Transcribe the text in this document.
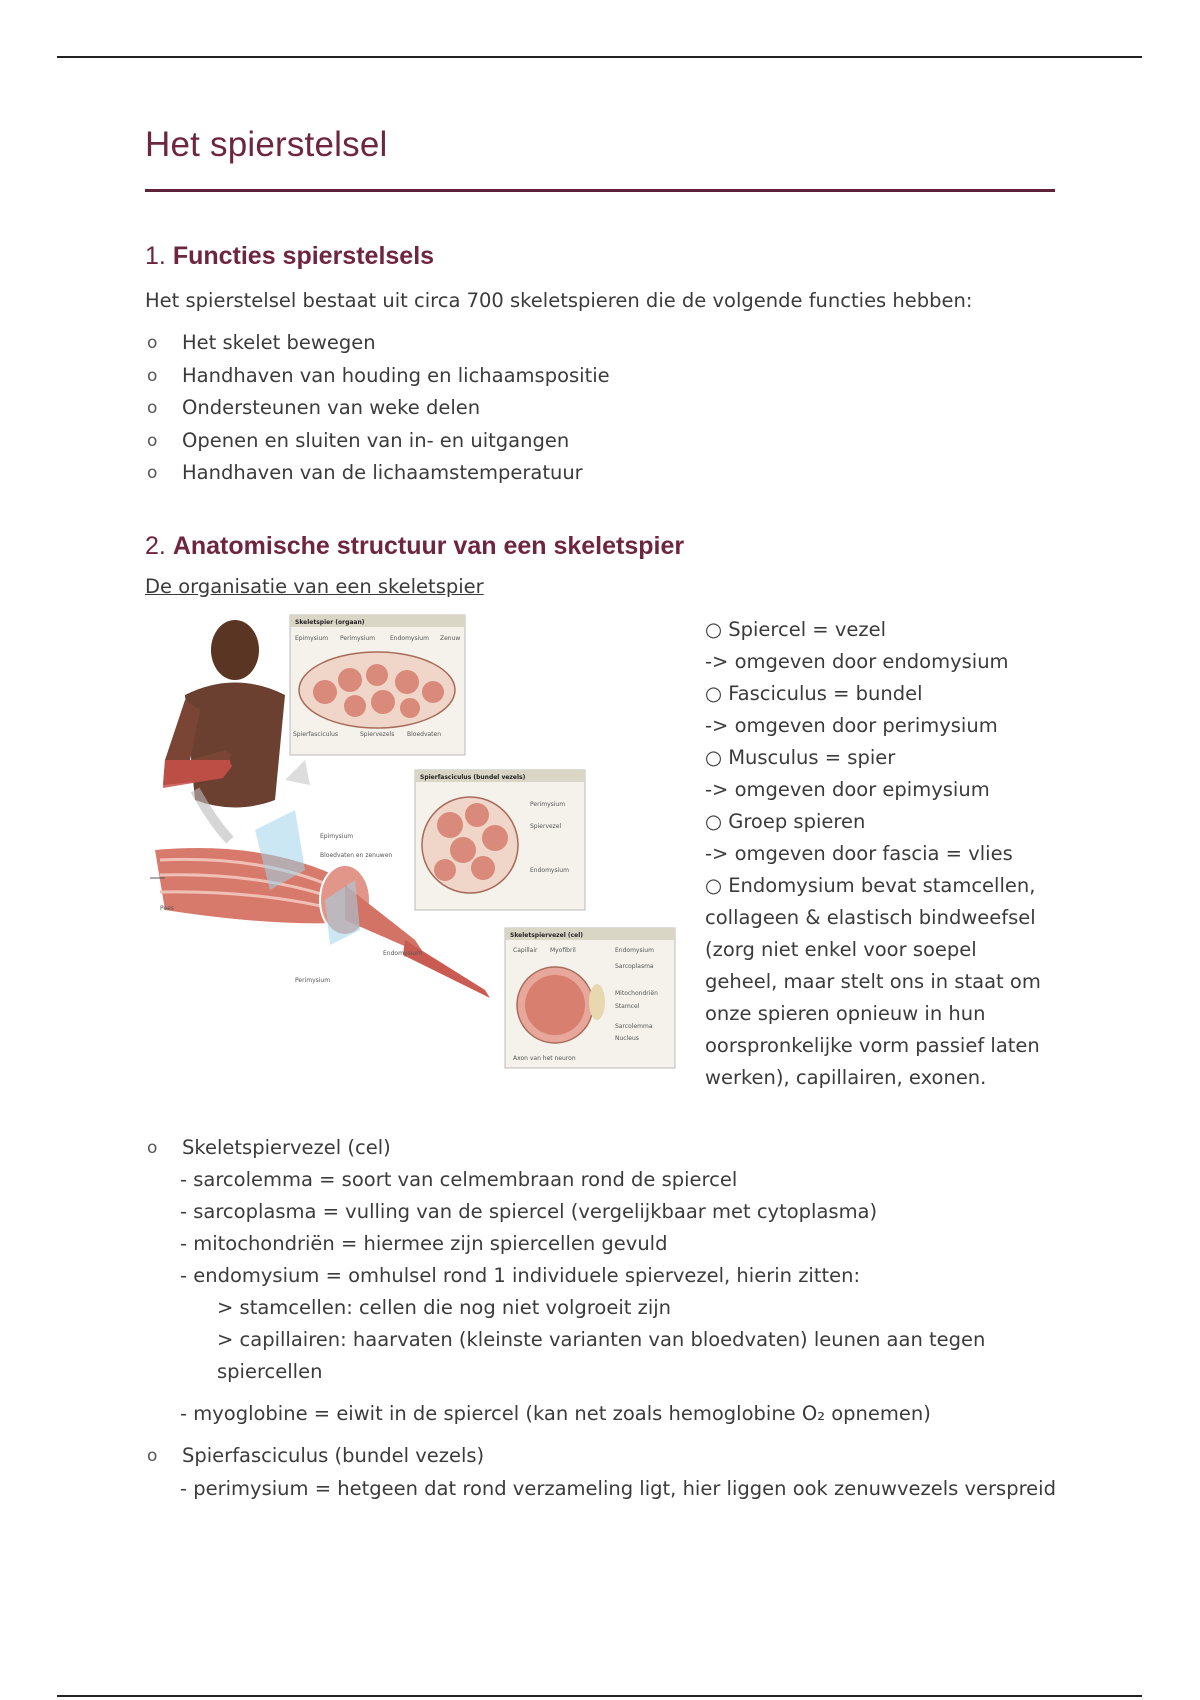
Het spierstelsel
1. Functies spierstelsels
Het spierstelsel bestaat uit circa 700 skeletspieren die de volgende functies hebben:
o Het skelet bewegen
o Handhaven van houding en lichaamspositie
o Ondersteunen van weke delen
o Openen en sluiten van in- en uitgangen
o Handhaven van de lichaamstemperatuur
2. Anatomische structuur van een skeletspier
De organisatie van een skeletspier
Skeletspier (orgaan)
Epimysium Perimysium Endomysium Zenuw
Spierfasciculus	Spiervezels Bloedvaten
Spierfasciculus (bundel vezels)
Perimysium
Spiervezel
Endomysium
Skeletspiervezel (cel)
Capillair Myofibril	Endomysium
Sarcoplasma
Mitochondriën
Stamcel
Sarcolemma
Nucleus
Axon van het neuron
Epimysium
Bloedvaten en zenuwen
Endomysium
Perimysium
Pees
○ Spiercel = vezel
-> omgeven door endomysium
○ Fasciculus = bundel
-> omgeven door perimysium
○ Musculus = spier
-> omgeven door epimysium
○ Groep spieren
-> omgeven door fascia = vlies
○ Endomysium bevat stamcellen,
collageen & elastisch bindweefsel
(zorg niet enkel voor soepel
geheel, maar stelt ons in staat om
onze spieren opnieuw in hun
oorspronkelijke vorm passief laten
werken), capillairen, exonen.
o Skeletspiervezel (cel)
- sarcolemma = soort van celmembraan rond de spiercel
- sarcoplasma = vulling van de spiercel (vergelijkbaar met cytoplasma)
- mitochondriën = hiermee zijn spiercellen gevuld
- endomysium = omhulsel rond 1 individuele spiervezel, hierin zitten:
> stamcellen: cellen die nog niet volgroeit zijn
> capillairen: haarvaten (kleinste varianten van bloedvaten) leunen aan tegen
spiercellen
- myoglobine = eiwit in de spiercel (kan net zoals hemoglobine O₂ opnemen)
o Spierfasciculus (bundel vezels)
- perimysium = hetgeen dat rond verzameling ligt, hier liggen ook zenuwvezels verspreid
